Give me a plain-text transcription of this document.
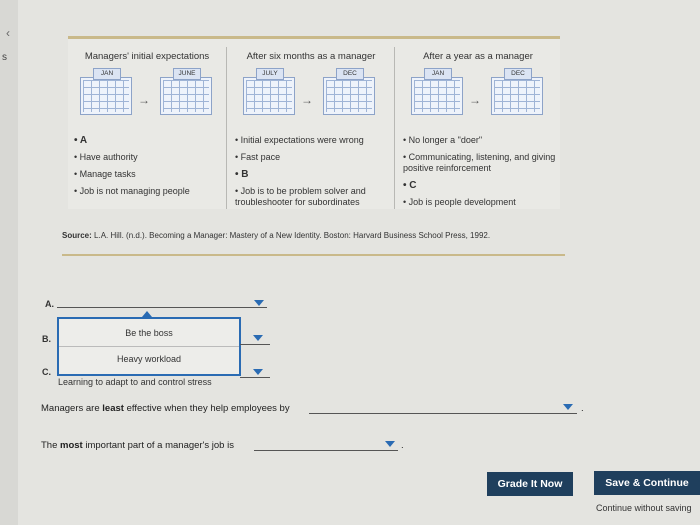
‹
s	Managers' initial expectations
JAN
→
JUNE
• A
• Have authority
• Manage tasks
• Job is not managing people
After six months as a manager
JULY
→
DEC
• Initial expectations were wrong
• Fast pace
• B
• Job is to be problem solver and troubleshooter for subordinates
After a year as a manager
JAN
→
DEC
• No longer a "doer"
• Communicating, listening, and giving positive reinforcement
• C
• Job is people development
Source: L.A. Hill. (n.d.). Becoming a Manager: Mastery of a New Identity. Boston: Harvard Business School Press, 1992.
A.
Be the boss
Heavy workload
Learning to adapt to and control stress
B.
C.
Managers are least effective when they help employees by	.
The most important part of a manager's job is	.
Grade It Now	Save & Continue
Continue without saving
